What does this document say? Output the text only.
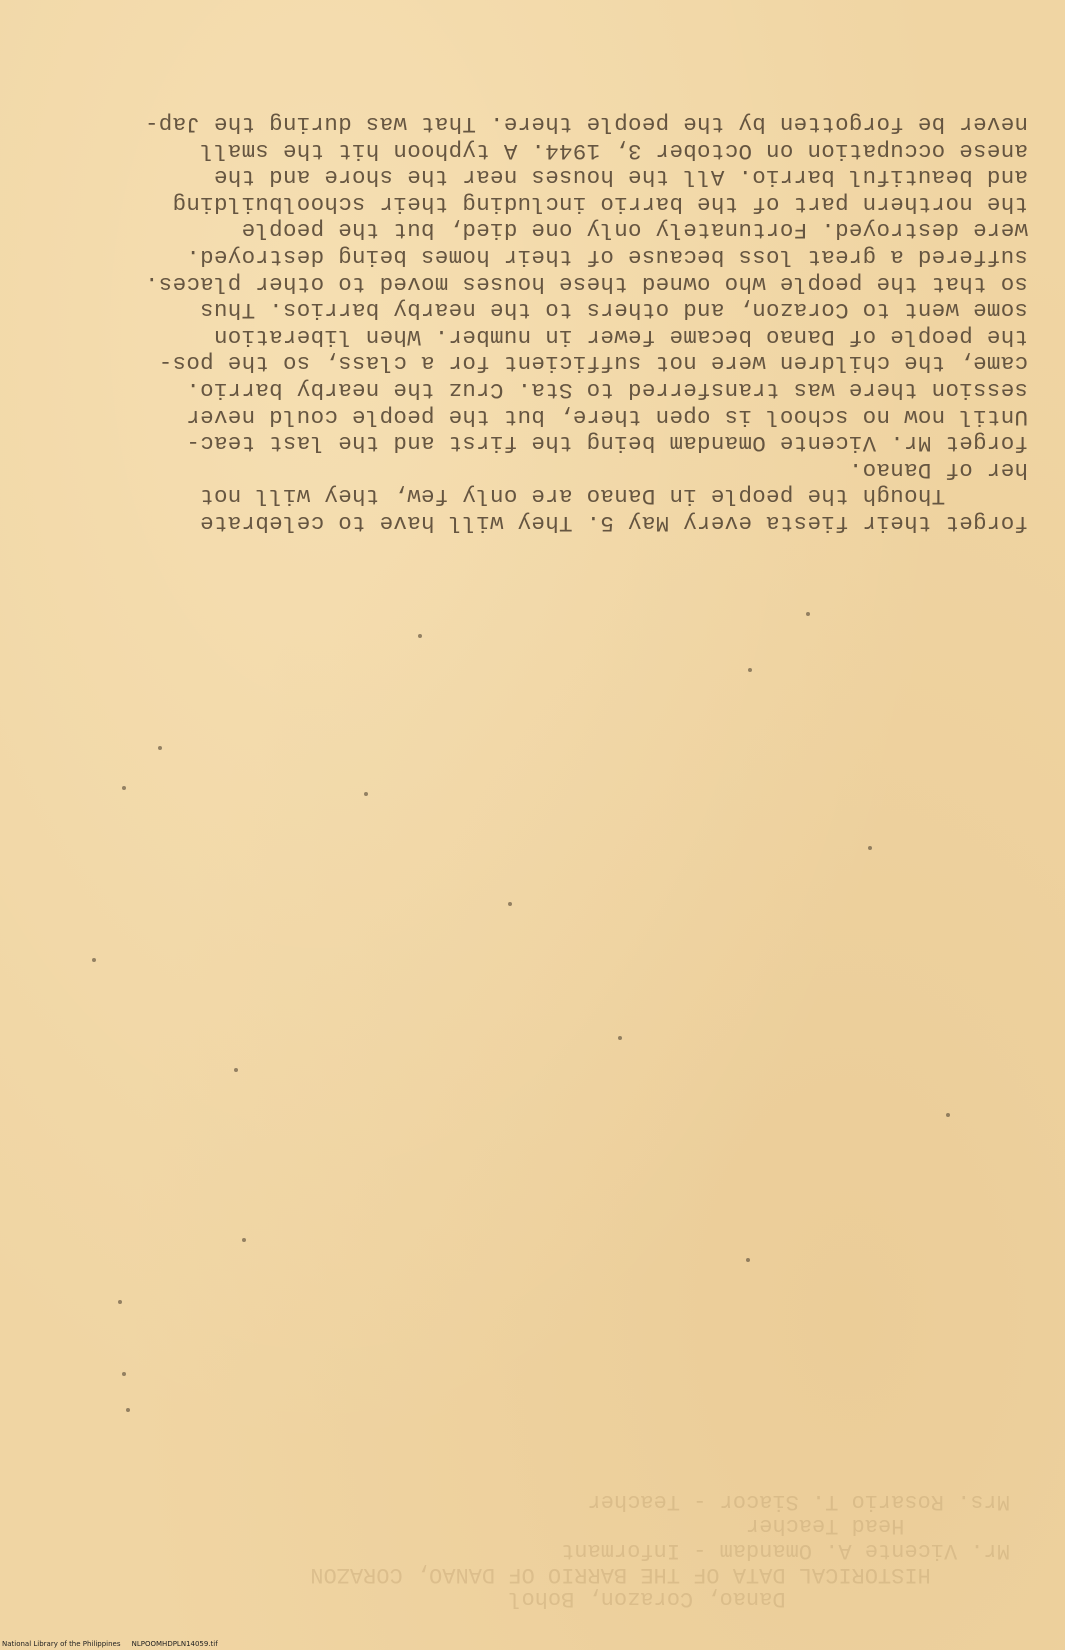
forget their fiesta every May 5. They will have to celebrate

Though the people in Danao are only few, they will not

her of Danao.

forget Mr. Vicente Omandam being the first and the last teac-

Until now no school is open there, but the people could never

session there was transferred to Sta. Cruz the nearby barrio.

came, the children were not sufficient for a class, so the pos-

the people of Danao became fewer in number. When liberation

some went to Corazon, and others to the nearby barrios. Thus

so that the people who owned these houses moved to other places.

suffered a great loss because of their homes being destroyed.

were destroyed. Fortunately only one died, but the people

the northern part of the barrio including their schoolbuilding

and beautiful barrio. All the houses near the shore and the

anese occupation on October 3, 1944. A typhoon hit the small

never be forgotten by the people there. That was during the Jap-

Danao, Corazon, Bohol

HISTORICAL DATA OF THE BARRIO OF DANAO, CORAZON

Mr. Vicente A. Omandam - Informant

Head Teacher

Mrs. Rosario T. Siacor - Teacher

National Library of the Philippines NLPOOMHDPLN14059.tif
